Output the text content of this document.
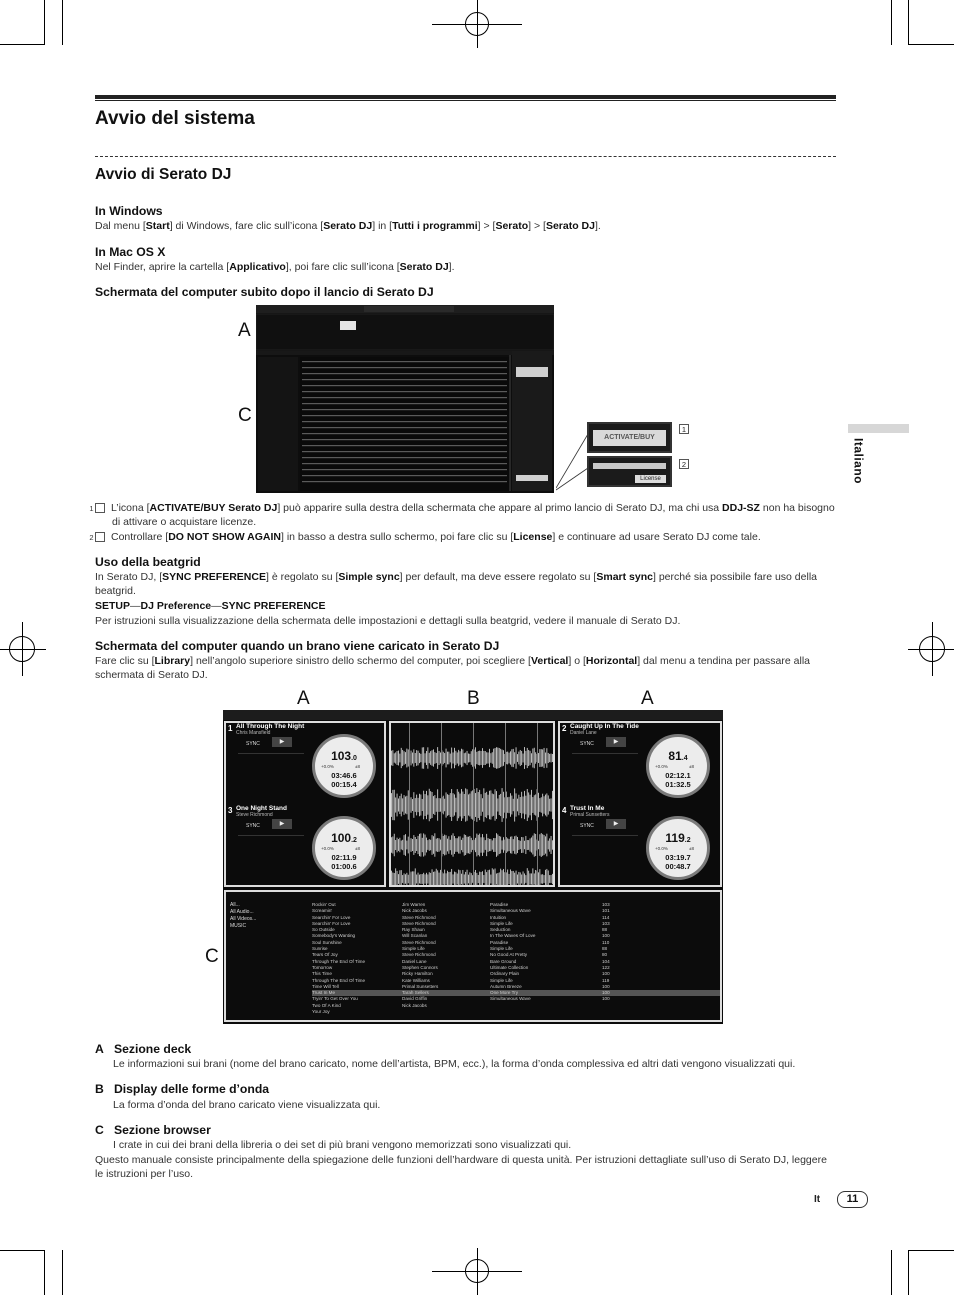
Avvio del sistema
Avvio di Serato DJ
Italiano
In Windows
Dal menu [Start] di Windows, fare clic sull’icona [Serato DJ] in [Tutti i programmi] > [Serato] > [Serato DJ].
In Mac OS X
Nel Finder, aprire la cartella [Applicativo], poi fare clic sull’icona [Serato DJ].
Schermata del computer subito dopo il lancio di Serato DJ
A
C
ACTIVATE/BUY
License
1
2
1 L’icona [ACTIVATE/BUY Serato DJ] può apparire sulla destra della schermata che appare al primo lancio di Serato DJ, ma chi usa DDJ-SZ non ha bisogno di attivare o acquistare licenze.
2 Controllare [DO NOT SHOW AGAIN] in basso a destra sullo schermo, poi fare clic su [License] e continuare ad usare Serato DJ come tale.
Uso della beatgrid
In Serato DJ, [SYNC PREFERENCE] è regolato su [Simple sync] per default, ma deve essere regolato su [Smart sync] perché sia possibile fare uso della beatgrid.
SETUP—DJ Preference—SYNC PREFERENCE
Per istruzioni sulla visualizzazione della schermata delle impostazioni e dettagli sulla beatgrid, vedere il manuale di Serato DJ.
Schermata del computer quando un brano viene caricato in Serato DJ
Fare clic su [Library] nell’angolo superiore sinistro dello schermo del computer, poi scegliere [Vertical] o [Horizontal] dal menu a tendina per passare alla schermata di Serato DJ.
A	B	A
C
1 All Through The Night
Chris Mansfield
SYNC	▶
103.0
+0.0%	±8
03:46.6
00:15.4
3 One Night Stand
Steve Richmond
SYNC	▶
100.2
+0.0%	±8
02:11.9
01:00.6
2 Caught Up In The Tide
Daniel Lane
SYNC	▶
81.4
+0.0%	±8
02:12.1
01:32.5
4 Trust In Me
Primal Sunsetters
SYNC	▶
119.2
+0.0%	±8
03:19.7
00:48.7
All...
All Audio...
All Videos...
MUSIC
Rockin' Out	Jim Warren	Paradise	103
Screamin'	Nick Jacobs	Simultaneous Wave	101
Searchin' For Love	Steve Richmond	Intuition	114
Searchin' For Love	Steve Richmond	Simple Life	103
So Outside	Ray Shaun	Seduction	88
Somebody's Wanting	Will Scanlan	In The Waves Of Love	100
Soul Sunshine	Steve Richmond	Paradise	110
Sunrise	Simple Life	Simple Life	88
Tears Of Joy	Steve Richmond	No Good At Pretty	80
Through The End Of Time	Daniel Lane	Bare Ground	104
Tomorrow	Stephen Connors	Ultimate Collection	122
This Time	Ricky Hamilton	Ordinary Plain	100
Through The End Of Time	Kate Williams	Simple Life	119
Time Will Tell	Primal Sunsetters	Autumn Breeze	100
Trust In Me	Tarah Sellers	One More Try	100
Tryin' To Get Over You	David Griffin	Simultaneous Wave	100
Two Of A Kind	Nick Jacobs
Your Joy
A   Sezione deck
Le informazioni sui brani (nome del brano caricato, nome dell’artista, BPM, ecc.), la forma d’onda complessiva ed altri dati vengono visualizzati qui.
B   Display delle forme d’onda
La forma d’onda del brano caricato viene visualizzata qui.
C   Sezione browser
I crate in cui dei brani della libreria o dei set di più brani vengono memorizzati sono visualizzati qui.
Questo manuale consiste principalmente della spiegazione delle funzioni dell’hardware di questa unità. Per istruzioni dettagliate sull’uso di Serato DJ, leggere le istruzioni per l’uso.
It	11
